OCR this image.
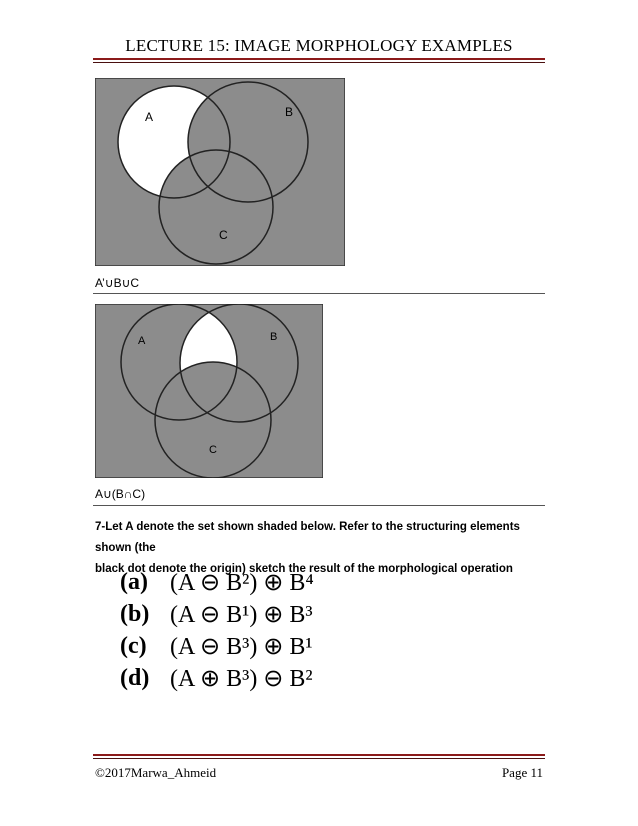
LECTURE 15: IMAGE MORPHOLOGY EXAMPLES
A	B
C
A’∪B∪C
A	B
C
A∪(B∩C)
7-Let A denote the set shown shaded below. Refer to the structuring elements shown (the
black dot denote the origin) sketch the result of the morphological operation
(a) (A ⊖ B²) ⊕ B⁴
(b) (A ⊖ B¹) ⊕ B³
(c) (A ⊖ B³) ⊕ B¹
(d) (A ⊕ B³) ⊖ B²
©2017Marwa_Ahmeid	Page 11
